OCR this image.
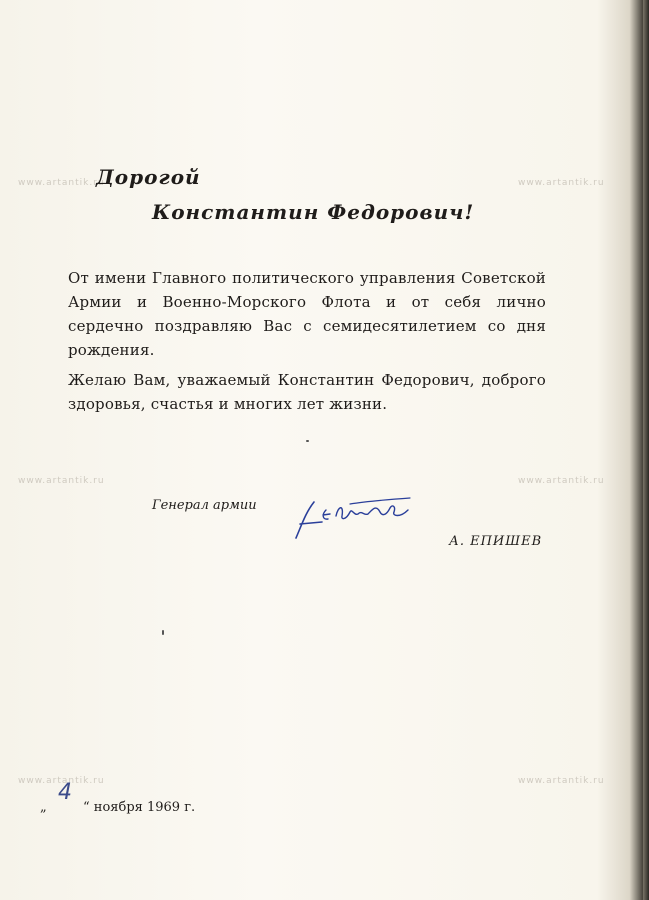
www.artantik.ru	www.artantik.ru
www.artantik.ru	www.artantik.ru
www.artantik.ru	www.artantik.ru
Дорогой
Константин Федорович!

От имени Главного политического управления Советской Армии и Военно-Морского Флота и от себя лично сердечно поздравляю Вас с семидесятилетием со дня рождения.

Желаю Вам, уважаемый Константин Федорович, доброго здоровья, счастья и многих лет жизни.

Генерал армии
А. ЕПИШЕВ
„	“ ноября 1969 г.
4
